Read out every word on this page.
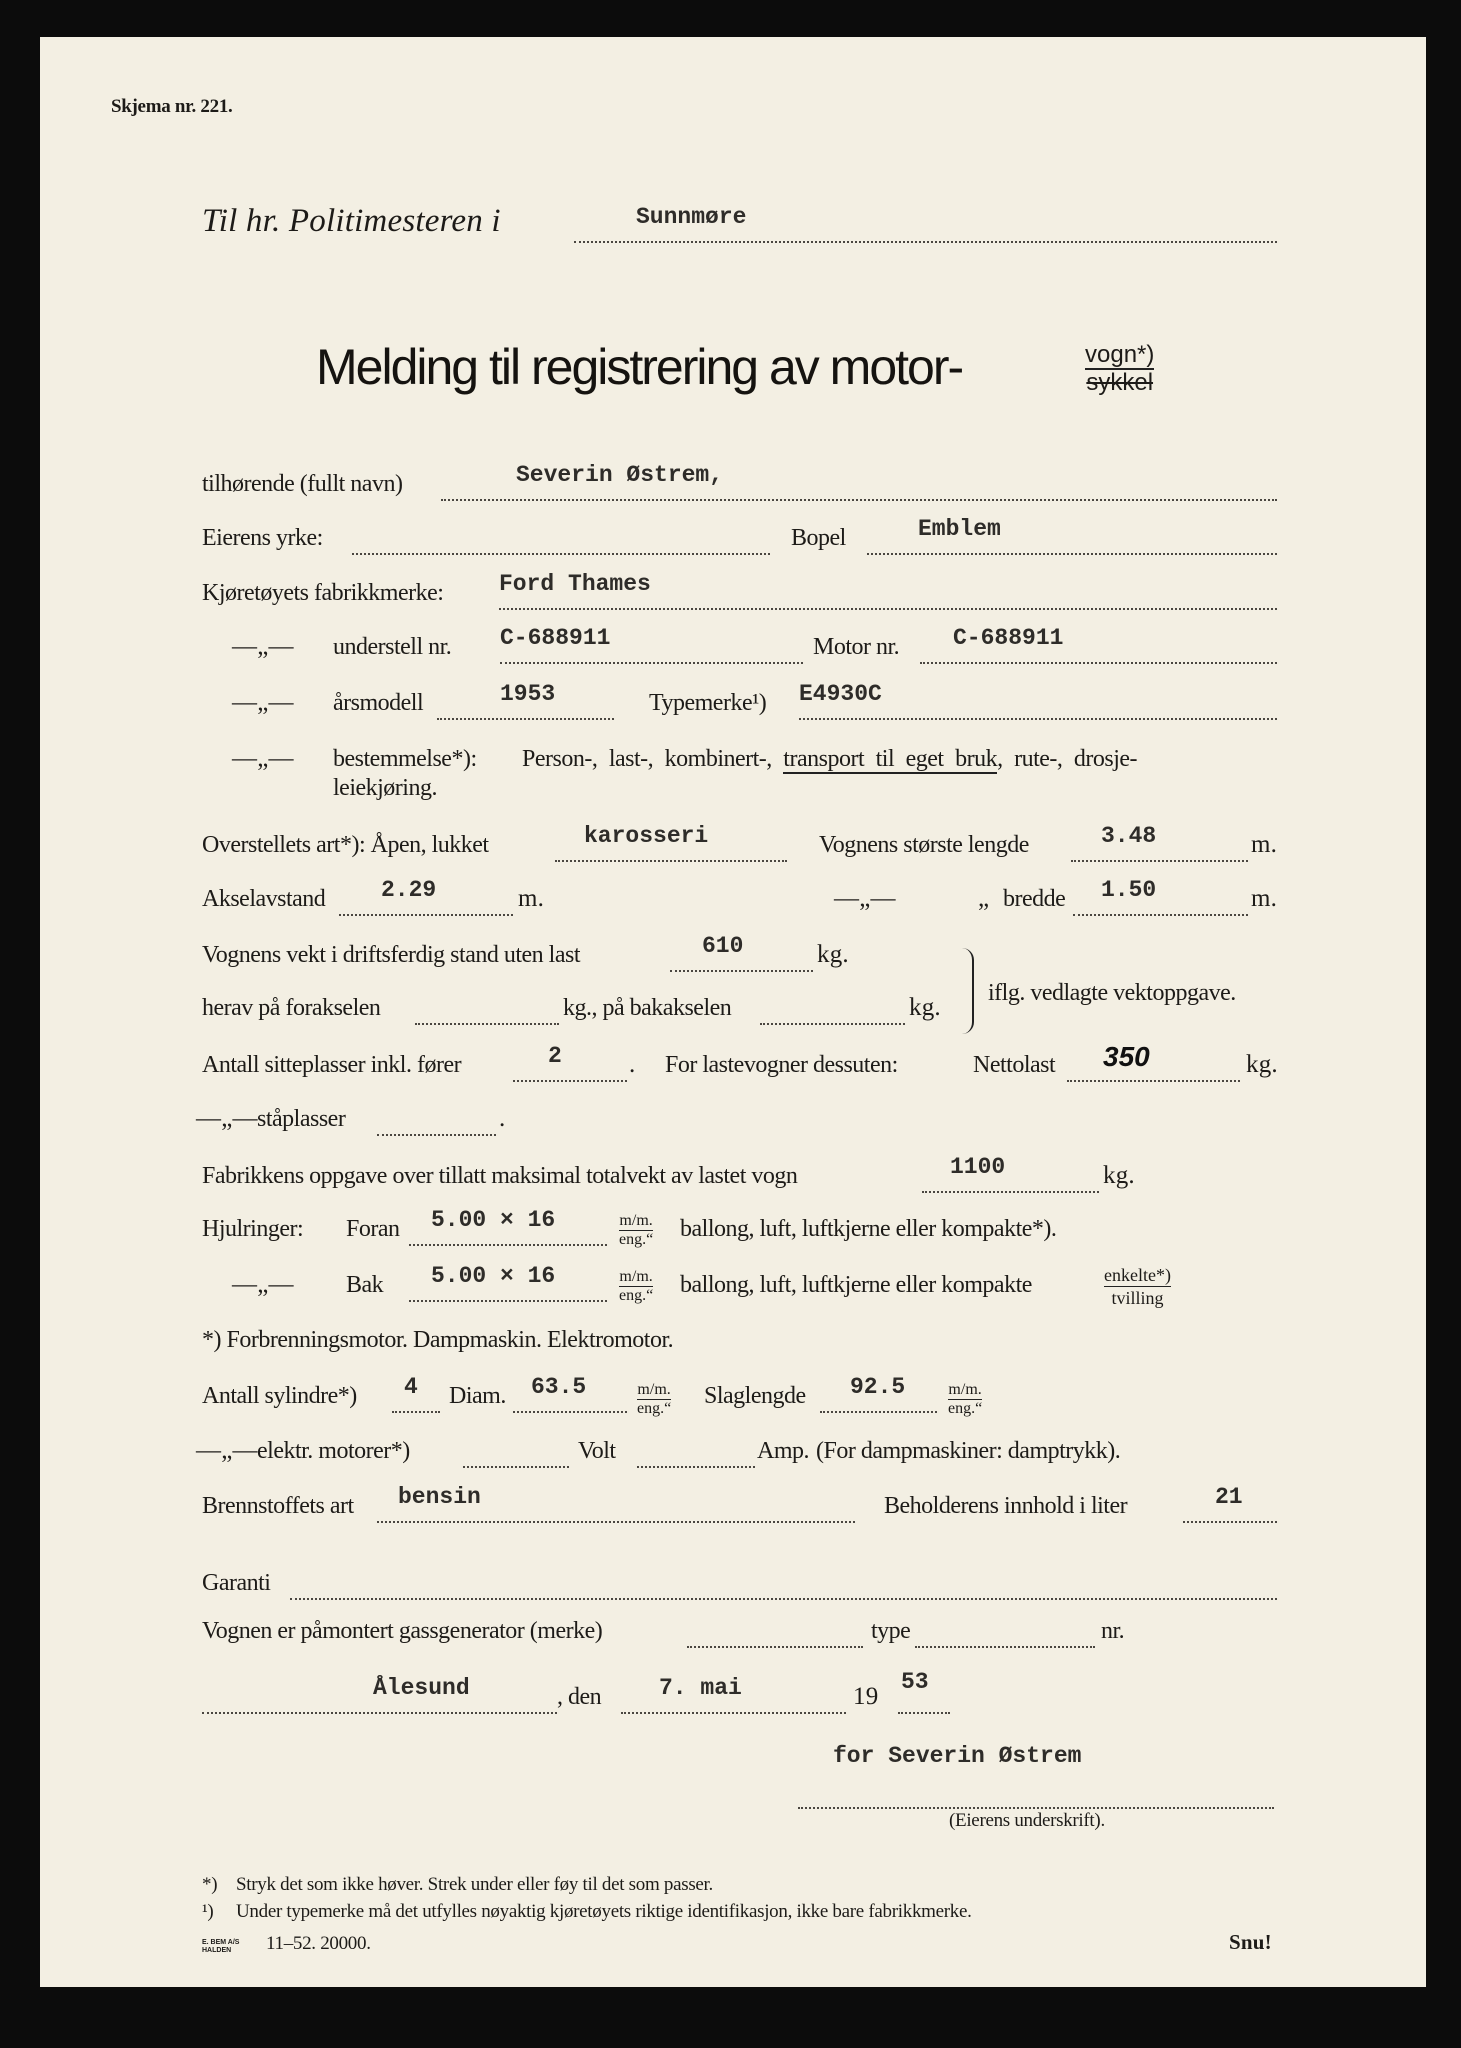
Skjema nr. 221.
Til hr. Politimesteren i	Sunnmøre
Melding til registrering av motor-	vogn*)
sykkel
tilhørende (fullt navn)	Severin Østrem,
Eierens yrke:	Bopel	Emblem
Kjøretøyets fabrikkmerke: Ford Thames
—„— understell nr. C-688911	Motor nr. C-688911
—„— årsmodell	1953	Typemerke¹) E4930C
—„— bestemmelse*): Person-, last-, kombinert-, transport til eget bruk, rute-, drosje-
leiekjøring.
Overstellets art*): Åpen, lukket	karosseri	Vognens største lengde	3.48	m.
Akselavstand 2.29	m.	—„—	„ bredde 1.50	m.
Vognens vekt i driftsferdig stand uten last	610	kg.
iflg. vedlagte vektoppgave.
herav på forakselen	kg., på bakakselen	kg.
Antall sitteplasser inkl. fører	2	. For lastevogner dessuten:	Nettolast 350	kg.
—„— ståplasser	.
Fabrikkens oppgave over tillatt maksimal totalvekt av lastet vogn	1100	kg.
Hjulringer: Foran 5.00 × 16	m/m.
eng.“ ballong, luft, luftkjerne eller kompakte*).
—„— Bak 5.00 × 16	m/m.
eng.“ ballong, luft, luftkjerne eller kompakte	enkelte*)
tvilling
*) Forbrenningsmotor. Dampmaskin. Elektromotor.
Antall sylindre*) 4 Diam. 63.5	m/m.
eng.“ Slaglengde 92.5	m/m.
eng.“
—„— elektr. motorer*)	Volt	Amp. (For dampmaskiner: damptrykk).
Brennstoffets art bensin	Beholderens innhold i liter	21
Garanti
Vognen er påmontert gassgenerator (merke)	type	nr.
Ålesund	, den	7. mai	19
53
for Severin Østrem
(Eierens underskrift).
*) Stryk det som ikke høver. Strek under eller føy til det som passer.
¹) Under typemerke må det utfylles nøyaktig kjøretøyets riktige identifikasjon, ikke bare fabrikkmerke.
E. BEM A/S
HALDEN	11–52. 20000.	Snu!
